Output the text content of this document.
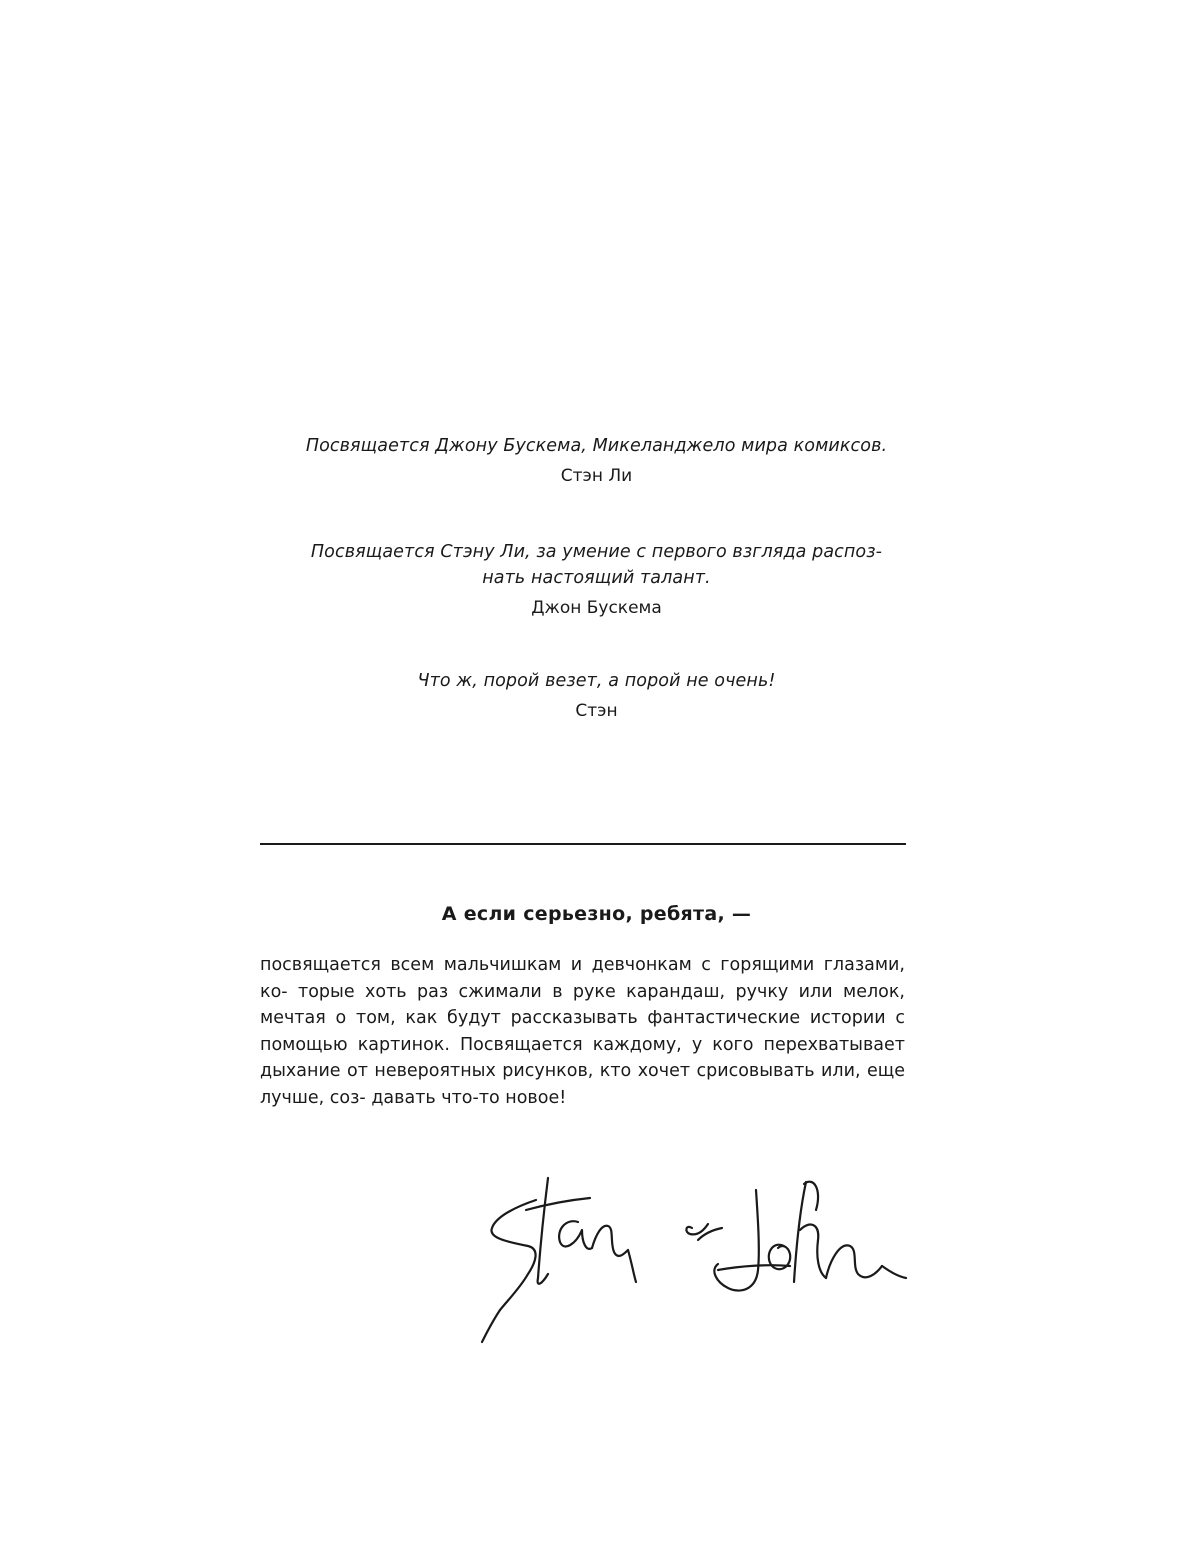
Посвящается Джону Бускема, Микеланджело мира комиксов.

Стэн Ли

Посвящается Стэну Ли, за умение с первого взгляда распоз-

нать настоящий талант.

Джон Бускема

Что ж, порой везет, а порой не очень!

Стэн

А если серьезно, ребята, —

посвящается всем мальчишкам и девчонкам с горящими глазами, ко- торые хоть раз сжимали в руке карандаш, ручку или мелок, мечтая о том, как будут рассказывать фантастические истории с помощью картинок. Посвящается каждому, у кого перехватывает дыхание от невероятных рисунков, кто хочет срисовывать или, еще лучше, соз- давать что-то новое!
